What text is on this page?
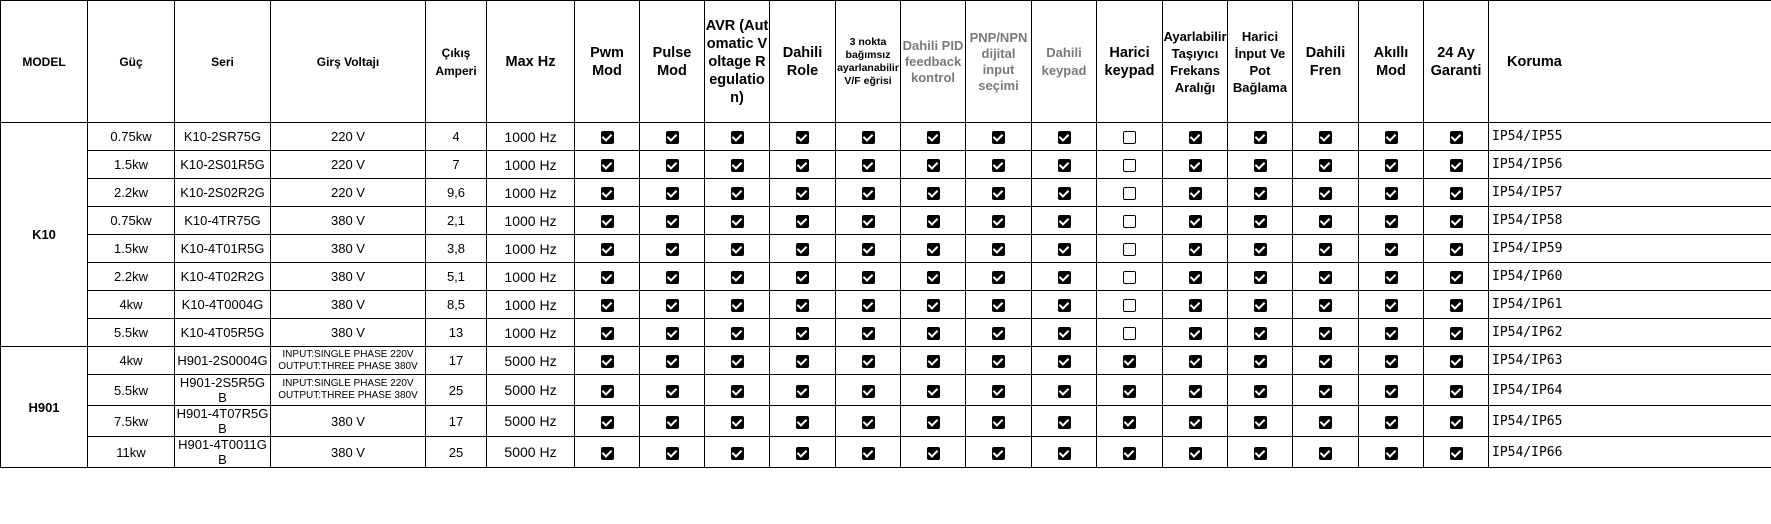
MODEL	Güç	Seri	Girş Voltajı	Çıkış Amperi	Max Hz	Pwm Mod	Pulse Mod	AVR (Automatic Voltage Regulation)	Dahili Role	3 nokta bağımsız ayarlanabilir V/F eğrisi	Dahili PID feedback kontrol	PNP/NPN dijital input seçimi	Dahili keypad	Harici keypad	Ayarlabilir Taşıyıcı Frekans Aralığı	Harici İnput Ve Pot Bağlama	Dahili Fren	Akıllı Mod	24 Ay Garanti	Koruma
K10	0.75kw	K10-2SR75G	220 V	4	1000 Hz															IP54/IP55
	1.5kw	K10-2S01R5G	220 V	7	1000 Hz															IP54/IP56
	2.2kw	K10-2S02R2G	220 V	9,6	1000 Hz															IP54/IP57
	0.75kw	K10-4TR75G	380 V	2,1	1000 Hz															IP54/IP58
	1.5kw	K10-4T01R5G	380 V	3,8	1000 Hz															IP54/IP59
	2.2kw	K10-4T02R2G	380 V	5,1	1000 Hz															IP54/IP60
	4kw	K10-4T0004G	380 V	8,5	1000 Hz															IP54/IP61
	5.5kw	K10-4T05R5G	380 V	13	1000 Hz															IP54/IP62
H901	4kw	H901-2S0004G	INPUT:SINGLE PHASE 220V
OUTPUT:THREE PHASE 380V	17	5000 Hz															IP54/IP63
	5.5kw	H901-2S5R5G B	INPUT:SINGLE PHASE 220V
OUTPUT:THREE PHASE 380V	25	5000 Hz															IP54/IP64
	7.5kw	H901-4T07R5G B	380 V	17	5000 Hz															IP54/IP65
	11kw	H901-4T0011G B	380 V	25	5000 Hz															IP54/IP66
